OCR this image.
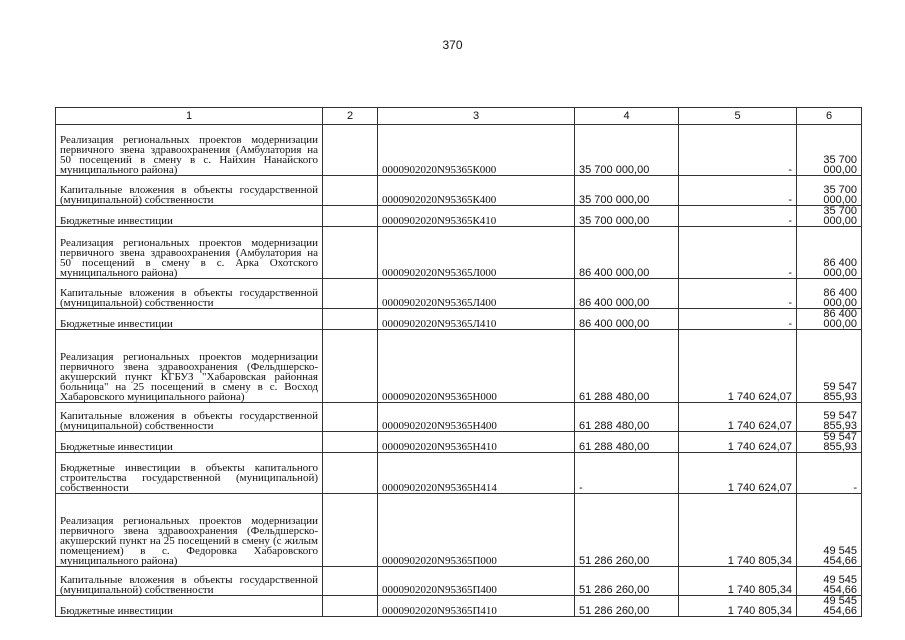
370
1	2	3	4	5	6
Реализация региональных проектов модернизации первичного звена здравоохранения (Амбулатория на 50 посещений в смену в с. Найхин Нанайского муниципального района)		0000902020N95365К000	35 700 000,00	-	35 700 000,00
Капитальные вложения в объекты государственной (муниципальной) собственности		0000902020N95365К400	35 700 000,00	-	35 700 000,00
Бюджетные инвестиции		0000902020N95365К410	35 700 000,00	-	35 700 000,00
Реализация региональных проектов модернизации первичного звена здравоохранения (Амбулатория на 50 посещений в смену в с. Арка Охотского муниципального района)		0000902020N95365Л000	86 400 000,00	-	86 400 000,00
Капитальные вложения в объекты государственной (муниципальной) собственности		0000902020N95365Л400	86 400 000,00	-	86 400 000,00
Бюджетные инвестиции		0000902020N95365Л410	86 400 000,00	-	86 400 000,00
Реализация региональных проектов модернизации первичного звена здравоохранения (Фельдшерско-акушерский пункт КГБУЗ "Хабаровская районная больница" на 25 посещений в смену в с. Восход Хабаровского муниципального района)		0000902020N95365Н000	61 288 480,00	1 740 624,07	59 547 855,93
Капитальные вложения в объекты государственной (муниципальной) собственности		0000902020N95365Н400	61 288 480,00	1 740 624,07	59 547 855,93
Бюджетные инвестиции		0000902020N95365Н410	61 288 480,00	1 740 624,07	59 547 855,93
Бюджетные инвестиции в объекты капитального строительства государственной (муниципальной) собственности		0000902020N95365Н414	-	1 740 624,07	-
Реализация региональных проектов модернизации первичного звена здравоохранения (Фельдшерско-акушерский пункт на 25 посещений в смену (с жилым помещением) в с. Федоровка Хабаровского муниципального района)		0000902020N95365П000	51 286 260,00	1 740 805,34	49 545 454,66
Капитальные вложения в объекты государственной (муниципальной) собственности		0000902020N95365П400	51 286 260,00	1 740 805,34	49 545 454,66
Бюджетные инвестиции		0000902020N95365П410	51 286 260,00	1 740 805,34	49 545 454,66
